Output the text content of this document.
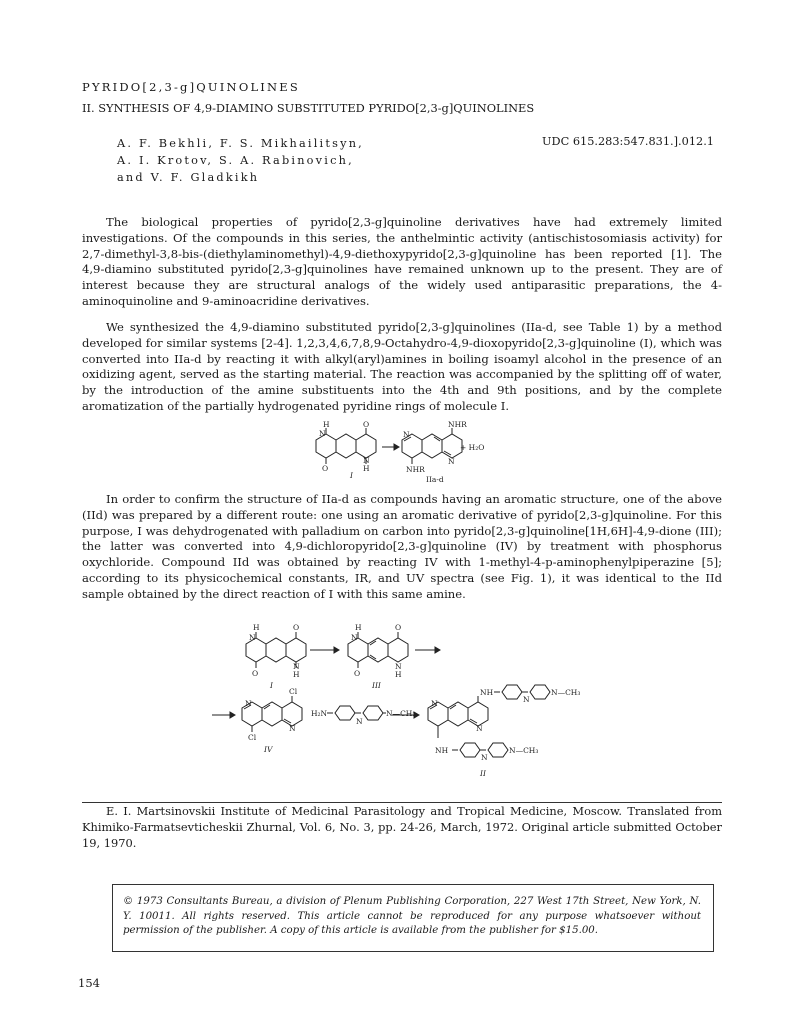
PYRIDO[2,3-g]QUINOLINES
II. SYNTHESIS OF 4,9-DIAMINO SUBSTITUTED PYRIDO[2,3-g]QUINOLINES
A. F. Bekhli, F. S. Mikhailitsyn,
A. I. Krotov, S. A. Rabinovich,
and V. F. Gladkikh
UDC 615.283:547.831.].012.1
The biological properties of pyrido[2,3-g]quinoline derivatives have had extremely limited investigations. Of the compounds in this series, the anthelmintic activity (antischistosomiasis activity) for 2,7-dimethyl-3,8-bis-(diethylaminomethyl)-4,9-diethoxypyrido[2,3-g]quinoline has been reported [1]. The 4,9-diamino substituted pyrido[2,3-g]quinolines have remained unknown up to the present. They are of interest because they are structural analogs of the widely used antiparasitic preparations, the 4-aminoquinoline and 9-aminoacridine derivatives.
We synthesized the 4,9-diamino substituted pyrido[2,3-g]quinolines (IIa-d, see Table 1) by a method developed for similar systems [2-4]. 1,2,3,4,6,7,8,9-Octahydro-4,9-dioxopyrido[2,3-g]quinoline (I), which was converted into IIa-d by reacting it with alkyl(aryl)amines in boiling isoamyl alcohol in the presence of an oxidizing agent, served as the starting material. The reaction was accompanied by the splitting off of water, by the introduction of the amine substituents into the 4th and 9th positions, and by the complete aromatization of the partially hydrogenated pyridine rings of molecule I.
H
N
O
O
N
H
I
N
NHR
N
NHR
+ H₂O
IIa-d
In order to confirm the structure of IIa-d as compounds having an aromatic structure, one of the above (IId) was prepared by a different route: one using an aromatic derivative of pyrido[2,3-g]quinoline. For this purpose, I was dehydrogenated with palladium on carbon into pyrido[2,3-g]quinoline[1H,6H]-4,9-dione (III); the latter was converted into 4,9-dichloropyrido[2,3-g]quinoline (IV) by treatment with phosphorus oxychloride. Compound IId was obtained by reacting IV with 1-methyl-4-p-aminophenylpiperazine [5]; according to its physicochemical constants, IR, and UV spectra (see Fig. 1), it was identical to the IId sample obtained by the direct reaction of I with this same amine.
H
N
O
O
N
H
I
H
N
O
O
N
H
III
Cl
N
N
Cl
IV
H₂N
N
N—CH₃
N
N
NH
N
N—CH₃
NH
N
N—CH₃
II
E. I. Martsinovskii Institute of Medicinal Parasitology and Tropical Medicine, Moscow. Translated from Khimiko-Farmatsevticheskii Zhurnal, Vol. 6, No. 3, pp. 24-26, March, 1972. Original article submitted October 19, 1970.
© 1973 Consultants Bureau, a division of Plenum Publishing Corporation, 227 West 17th Street, New York, N. Y. 10011. All rights reserved. This article cannot be reproduced for any purpose whatsoever without permission of the publisher. A copy of this article is available from the publisher for $15.00.
154
